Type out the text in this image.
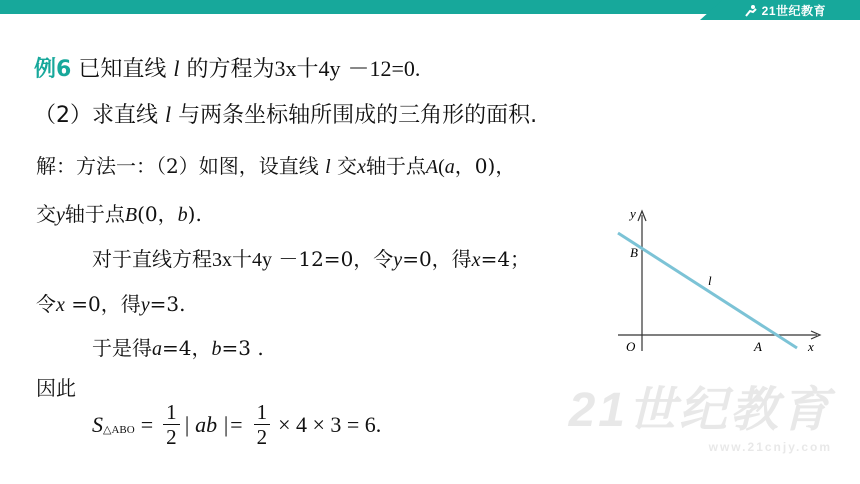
21世纪教育
21世纪教育
www.21cnjy.com
例6 已知直线 l 的方程为3x十4y －12=0.
（2）求直线 l 与两条坐标轴所围成的三角形的面积.
解：方法一：（2）如图，设直线 l 交x轴于点A(a，0)，
交y轴于点B(0，b).
对于直线方程3x十4y －12=0，令y=0，得x=4；
令x =0，得y=3.
于是得a=4，b=3 .
因此
$S_{\triangle ABO} = \frac{1}{2}$ | ab |= $\frac{1}{2} \times 4 \times 3 = 6$.
y
x
O
B
A
l
